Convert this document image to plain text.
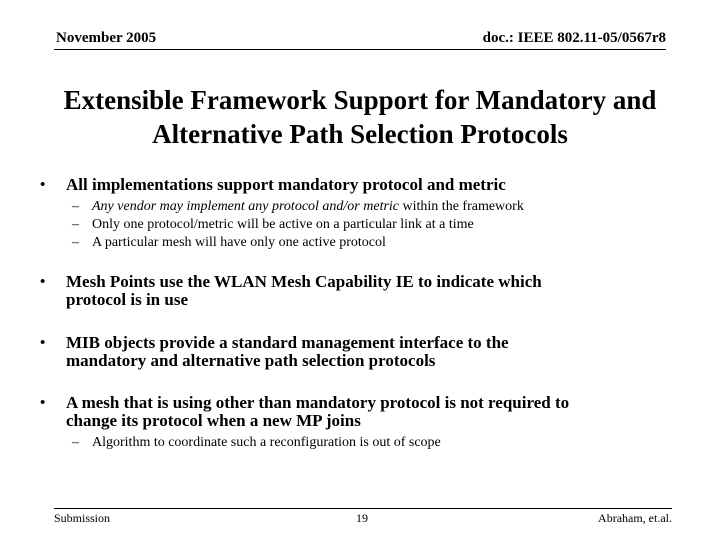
November 2005	doc.: IEEE 802.11-05/0567r8
Extensible Framework Support for Mandatory and
Alternative Path Selection Protocols
• All implementations support mandatory protocol and metric
– Any vendor may implement any protocol and/or metric within the framework
– Only one protocol/metric will be active on a particular link at a time
– A particular mesh will have only one active protocol
• Mesh Points use the WLAN Mesh Capability IE to indicate which
protocol is in use
• MIB objects provide a standard management interface to the
mandatory and alternative path selection protocols
• A mesh that is using other than mandatory protocol is not required to
change its protocol when a new MP joins
– Algorithm to coordinate such a reconfiguration is out of scope
Submission	19	Abraham, et.al.
